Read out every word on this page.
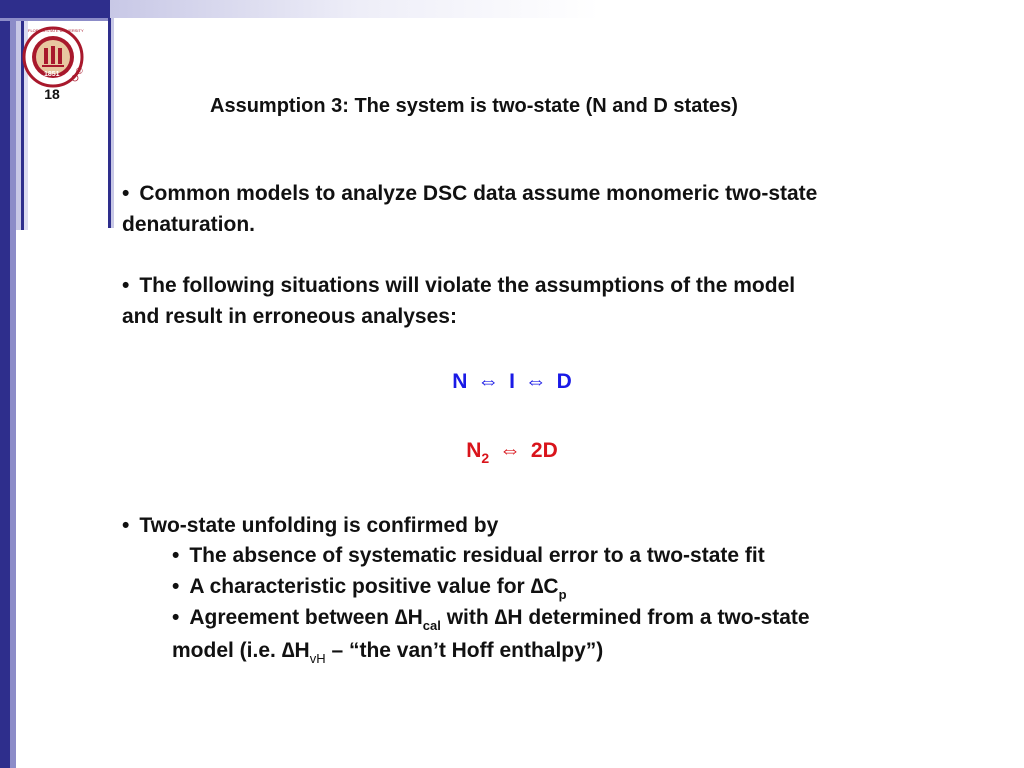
®
1851
FLORIDA STATE UNIVERSITY
18
Assumption 3: The system is two-state (N and D states)
• Common models to analyze DSC data assume monomeric two-state
denaturation.
• The following situations will violate the assumptions of the model
and result in erroneous analyses:
N ⇔ I ⇔ D
$N_2$ ⇔ 2D
• Two-state unfolding is confirmed by
• The absence of systematic residual error to a two-state fit
• A characteristic positive value for $\Delta C_p$
• Agreement between $\Delta H_{cal}$ with ∆H determined from a two-state
model (i.e. $\Delta H_{vH}$ – “the van’t Hoff enthalpy”)
